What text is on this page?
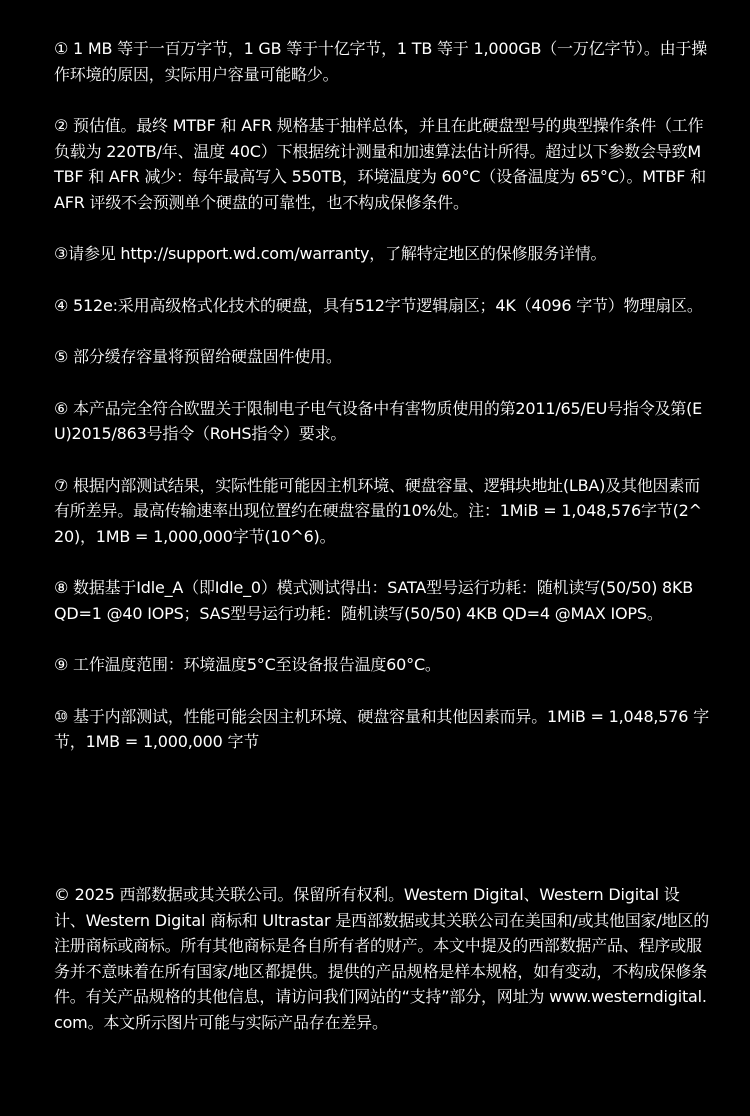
① 1 MB 等于一百万字节，1 GB 等于十亿字节，1 TB 等于 1,000GB（一万亿字节）。由于操作环境的原因，实际用户容量可能略少。
② 预估值。最终 MTBF 和 AFR 规格基于抽样总体，并且在此硬盘型号的典型操作条件（工作负载为 220TB/年、温度 40C）下根据统计测量和加速算法估计所得。超过以下参数会导致MTBF 和 AFR 减少：每年最高写入 550TB，环境温度为 60°C（设备温度为 65°C）。MTBF 和 AFR 评级不会预测单个硬盘的可靠性，也不构成保修条件。
③请参见 http://support.wd.com/warranty，了解特定地区的保修服务详情。
④ 512e:采用高级格式化技术的硬盘，具有512字节逻辑扇区；4K（4096 字节）物理扇区。
⑤ 部分缓存容量将预留给硬盘固件使用。
⑥ 本产品完全符合欧盟关于限制电子电气设备中有害物质使用的第2011/65/EU号指令及第(EU)2015/863号指令（RoHS指令）要求。
⑦ 根据内部测试结果，实际性能可能因主机环境、硬盘容量、逻辑块地址(LBA)及其他因素而有所差异。最高传输速率出现位置约在硬盘容量的10%处。注：1MiB = 1,048,576字节(2^20)，1MB = 1,000,000字节(10^6)。
⑧ 数据基于Idle_A（即Idle_0）模式测试得出：SATA型号运行功耗：随机读写(50/50) 8KB QD=1 @40 IOPS；SAS型号运行功耗：随机读写(50/50) 4KB QD=4 @MAX IOPS。
⑨ 工作温度范围：环境温度5°C至设备报告温度60°C。
⑩ 基于内部测试，性能可能会因主机环境、硬盘容量和其他因素而异。1MiB = 1,048,576 字节，1MB = 1,000,000 字节

© 2025 西部数据或其关联公司。保留所有权利。Western Digital、Western Digital 设计、Western Digital 商标和 Ultrastar 是西部数据或其关联公司在美国和/或其他国家/地区的注册商标或商标。所有其他商标是各自所有者的财产。本文中提及的西部数据产品、程序或服务并不意味着在所有国家/地区都提供。提供的产品规格是样本规格，如有变动，不构成保修条件。有关产品规格的其他信息，请访问我们网站的“支持”部分，网址为 www.westerndigital.com。本文所示图片可能与实际产品存在差异。
